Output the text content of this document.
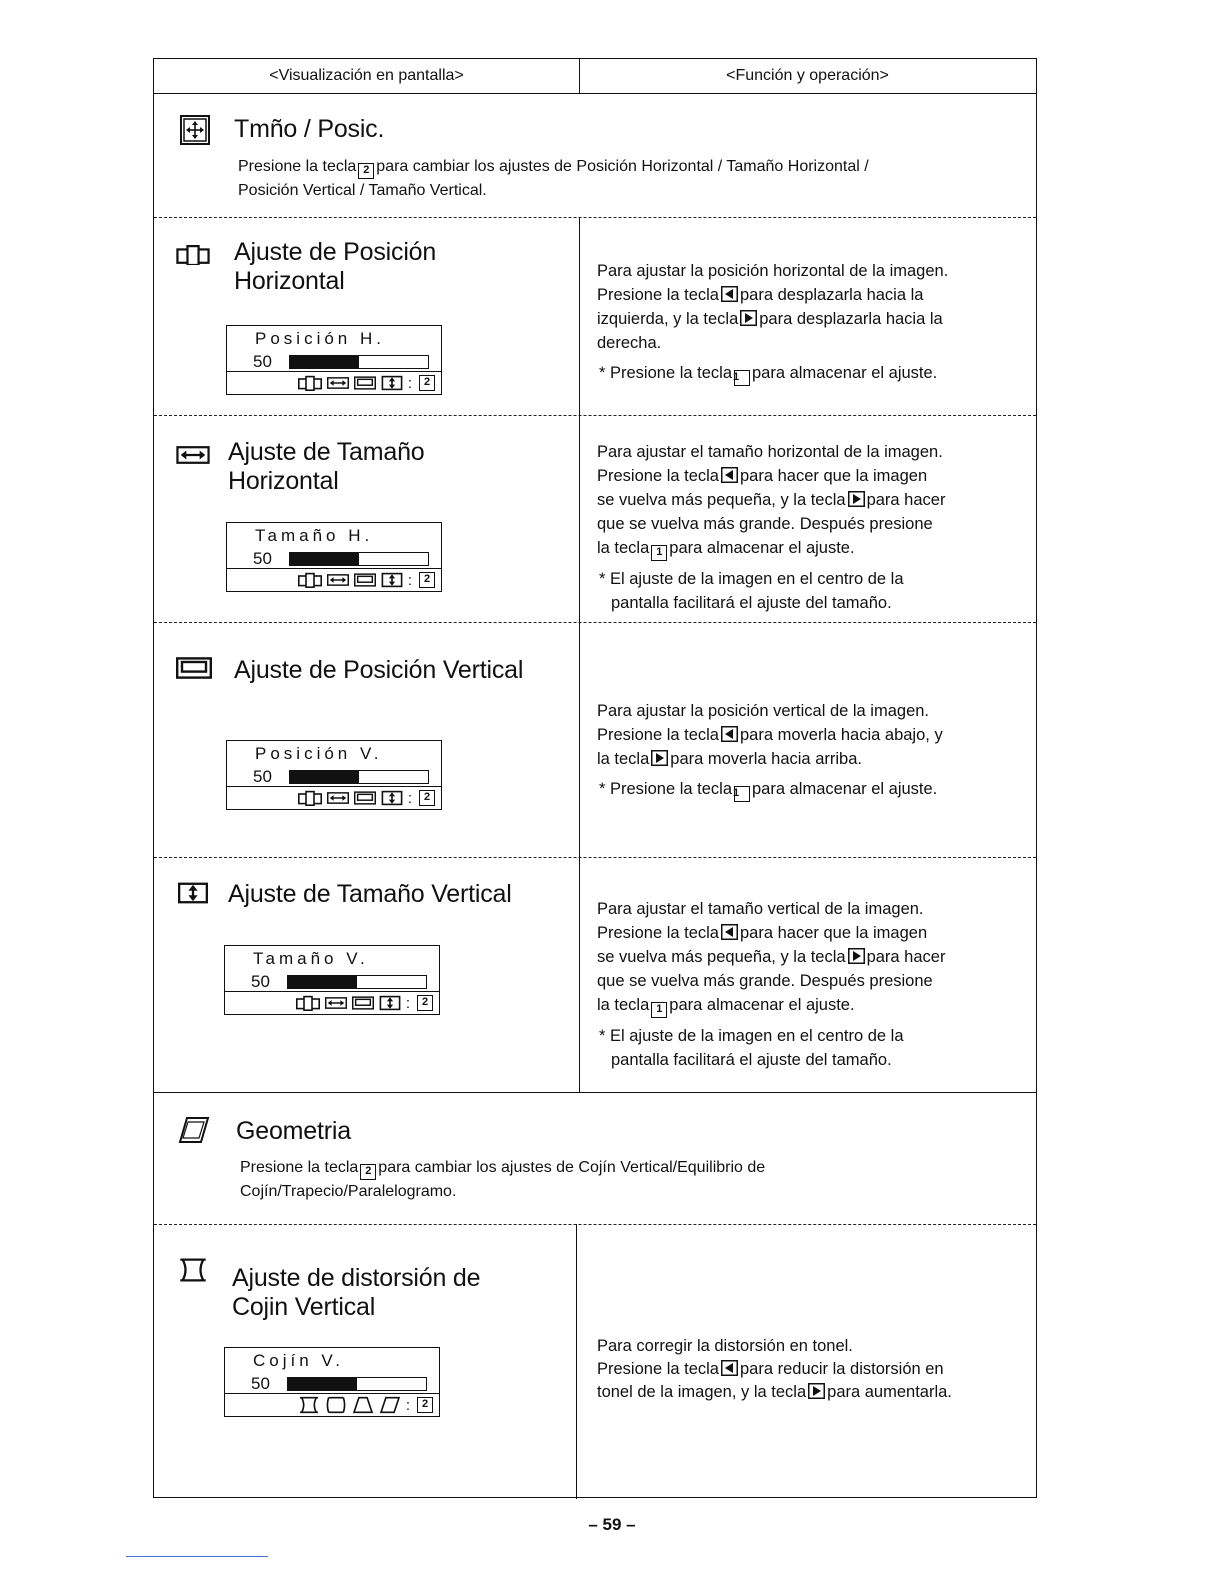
<Visualización en pantalla>	<Función y operación>
Tmño / Posic.
Presione la tecla 2 para cambiar los ajustes de Posición Horizontal / Tamaño Horizontal /
Posición Vertical / Tamaño Vertical.
Ajuste de Posición
Horizontal
Posición H.
50
:	2
Para ajustar la posición horizontal de la imagen.
Presione la tecla para desplazarla hacia la
izquierda, y la tecla para desplazarla hacia la
derecha.
* Presione la tecla1 para almacenar el ajuste.
Ajuste de Tamaño
Horizontal
Tamaño H.
50
:	2
Para ajustar el tamaño horizontal de la imagen.
Presione la tecla para hacer que la imagen
se vuelva más pequeña, y la tecla para hacer
que se vuelva más grande. Después presione
la tecla 1 para almacenar el ajuste.
* El ajuste de la imagen en el centro de la
pantalla facilitará el ajuste del tamaño.
Ajuste de Posición Vertical
Posición V.
50
:	2
Para ajustar la posición vertical de la imagen.
Presione la tecla para moverla hacia abajo, y
la tecla para moverla hacia arriba.
* Presione la tecla1 para almacenar el ajuste.
Ajuste de Tamaño Vertical
Tamaño V.
50
:	2
Para ajustar el tamaño vertical de la imagen.
Presione la tecla para hacer que la imagen
se vuelva más pequeña, y la tecla para hacer
que se vuelva más grande. Después presione
la tecla 1 para almacenar el ajuste.
* El ajuste de la imagen en el centro de la
pantalla facilitará el ajuste del tamaño.
Geometria
Presione la tecla 2 para cambiar los ajustes de Cojín Vertical/Equilibrio de
Cojín/Trapecio/Paralelogramo.
Ajuste de distorsión de
Cojin Vertical
Cojín V.
50
:	2
Para corregir la distorsión en tonel.
Presione la tecla para reducir la distorsión en
tonel de la imagen, y la tecla para aumentarla.
– 59 –
